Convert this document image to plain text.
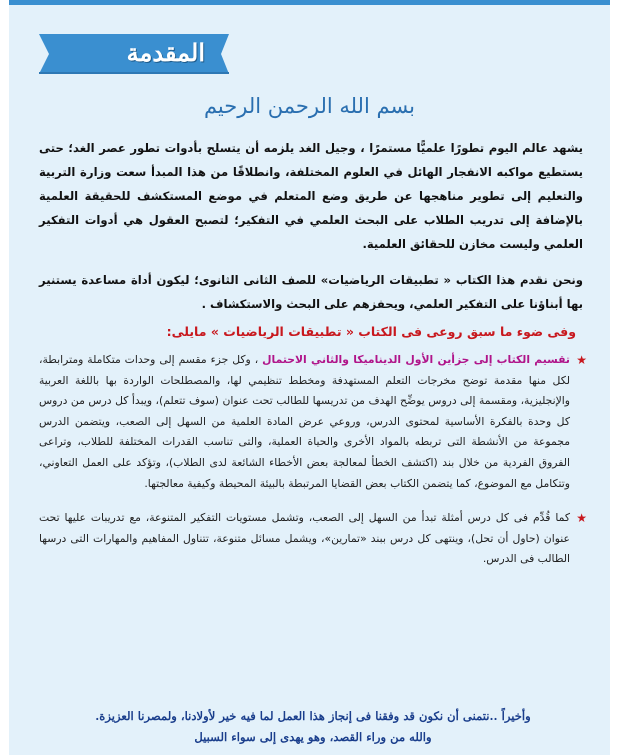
المقدمة
بسم الله الرحمن الرحيم

يشهد عالم اليوم تطورًا علميًّا مستمرًا ، وجيل الغد يلزمه أن يتسلح بأدوات تطور عصر الغد؛ حتى يستطيع مواكبه الانفجار الهائل في العلوم المختلفة، وانطلاقًا من هذا المبدأ سعت وزارة التربية والتعليم إلى تطوير مناهجها عن طريق وضع المتعلم في موضع المستكشف للحقيقة العلمية بالإضافة إلى تدريب الطلاب على البحث العلمي في التفكير؛ لتصبح العقول هي أدوات التفكير العلمي وليست مخازن للحقائق العلمية.

ونحن نقدم هذا الكتاب « تطبيقات الرياضيات» للصف الثانى الثانوى؛ ليكون أداة مساعدة يستنير بها أبناؤنا على التفكير العلمي، ويحفزهم على البحث والاستكشاف .

وفى ضوء ما سبق روعى فى الكتاب « تطبيقات الرياضيات » مايلى:
★
تقسيم الكتاب إلى جزأين الأول الديناميكا والثاني الاحتمال ، وكل جزء مقسم إلى وحدات متكاملة ومترابطة، لكل منها مقدمة توضح مخرجات التعلم المستهدفة ومخطط تنظيمي لها، والمصطلحات الواردة بها باللغة العربية والإنجليزية، ومقسمة إلى دروس يوضِّح الهدف من تدريسها للطالب تحت عنوان (سوف تتعلم)، ويبدأ كل درس من دروس كل وحدة بالفكرة الأساسية لمحتوى الدرس، وروعي عرض المادة العلمية من السهل إلى الصعب، ويتضمن الدرس مجموعة من الأنشطة التى تربطه بالمواد الأخرى والحياة العملية، والتى تناسب القدرات المختلفة للطلاب، وتراعى الفروق الفردية من خلال بند (اكتشف الخطأ لمعالجة بعض الأخطاء الشائعة لدى الطلاب)، وتؤكد على العمل التعاوني، وتتكامل مع الموضوع، كما يتضمن الكتاب بعض القضايا المرتبطة بالبيئة المحيطة وكيفية معالجتها.
★
كما قُدِّم فى كل درس أمثلة تبدأ من السهل إلى الصعب، وتشمل مستويات التفكير المتنوعة، مع تدريبات عليها تحت عنوان (حاول أن تحل)، وينتهى كل درس ببند «تمارين»، ويشمل مسائل متنوعة، تتناول المفاهيم والمهارات التى درسها الطالب فى الدرس.
وأخيراً ..نتمنى أن نكون قد وفقنا فى إنجاز هذا العمل لما فيه خير لأولادنا، ولمصرنا العزيزة.
والله من وراء القصد، وهو يهدى إلى سواء السبيل
